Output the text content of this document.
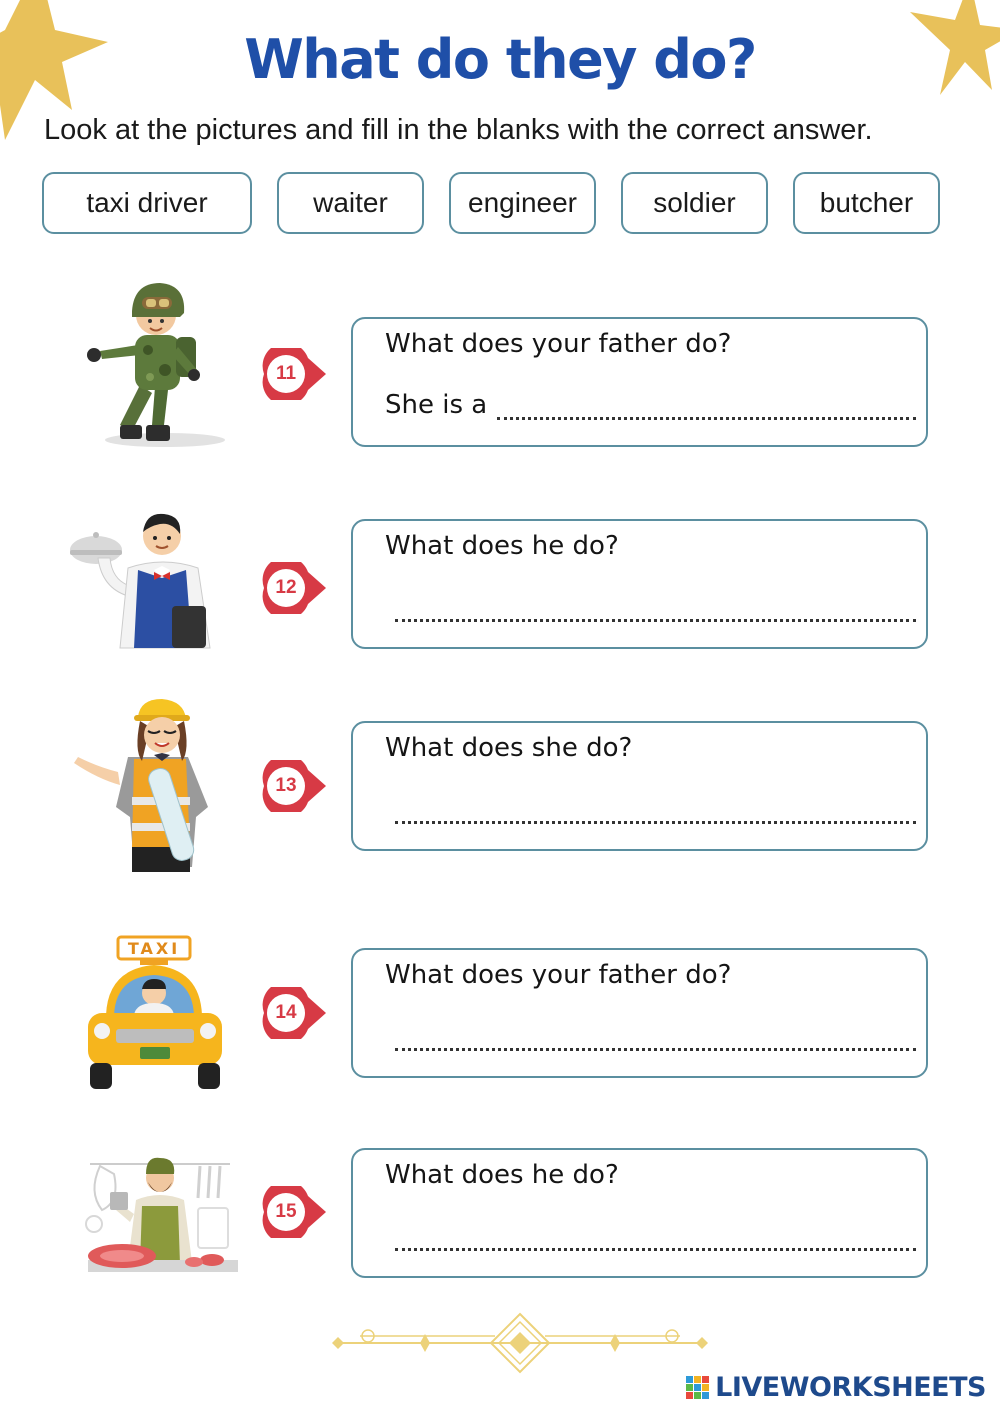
What do they do?
Look at the pictures and fill in the blanks with the correct answer.
taxi driver	waiter	engineer	soldier	butcher
11
What does your father do?
She is a
12
What does he do?
13
What does she do?
TAXI
14
What does your father do?
15
What does he do?
LIVEWORKSHEETS
